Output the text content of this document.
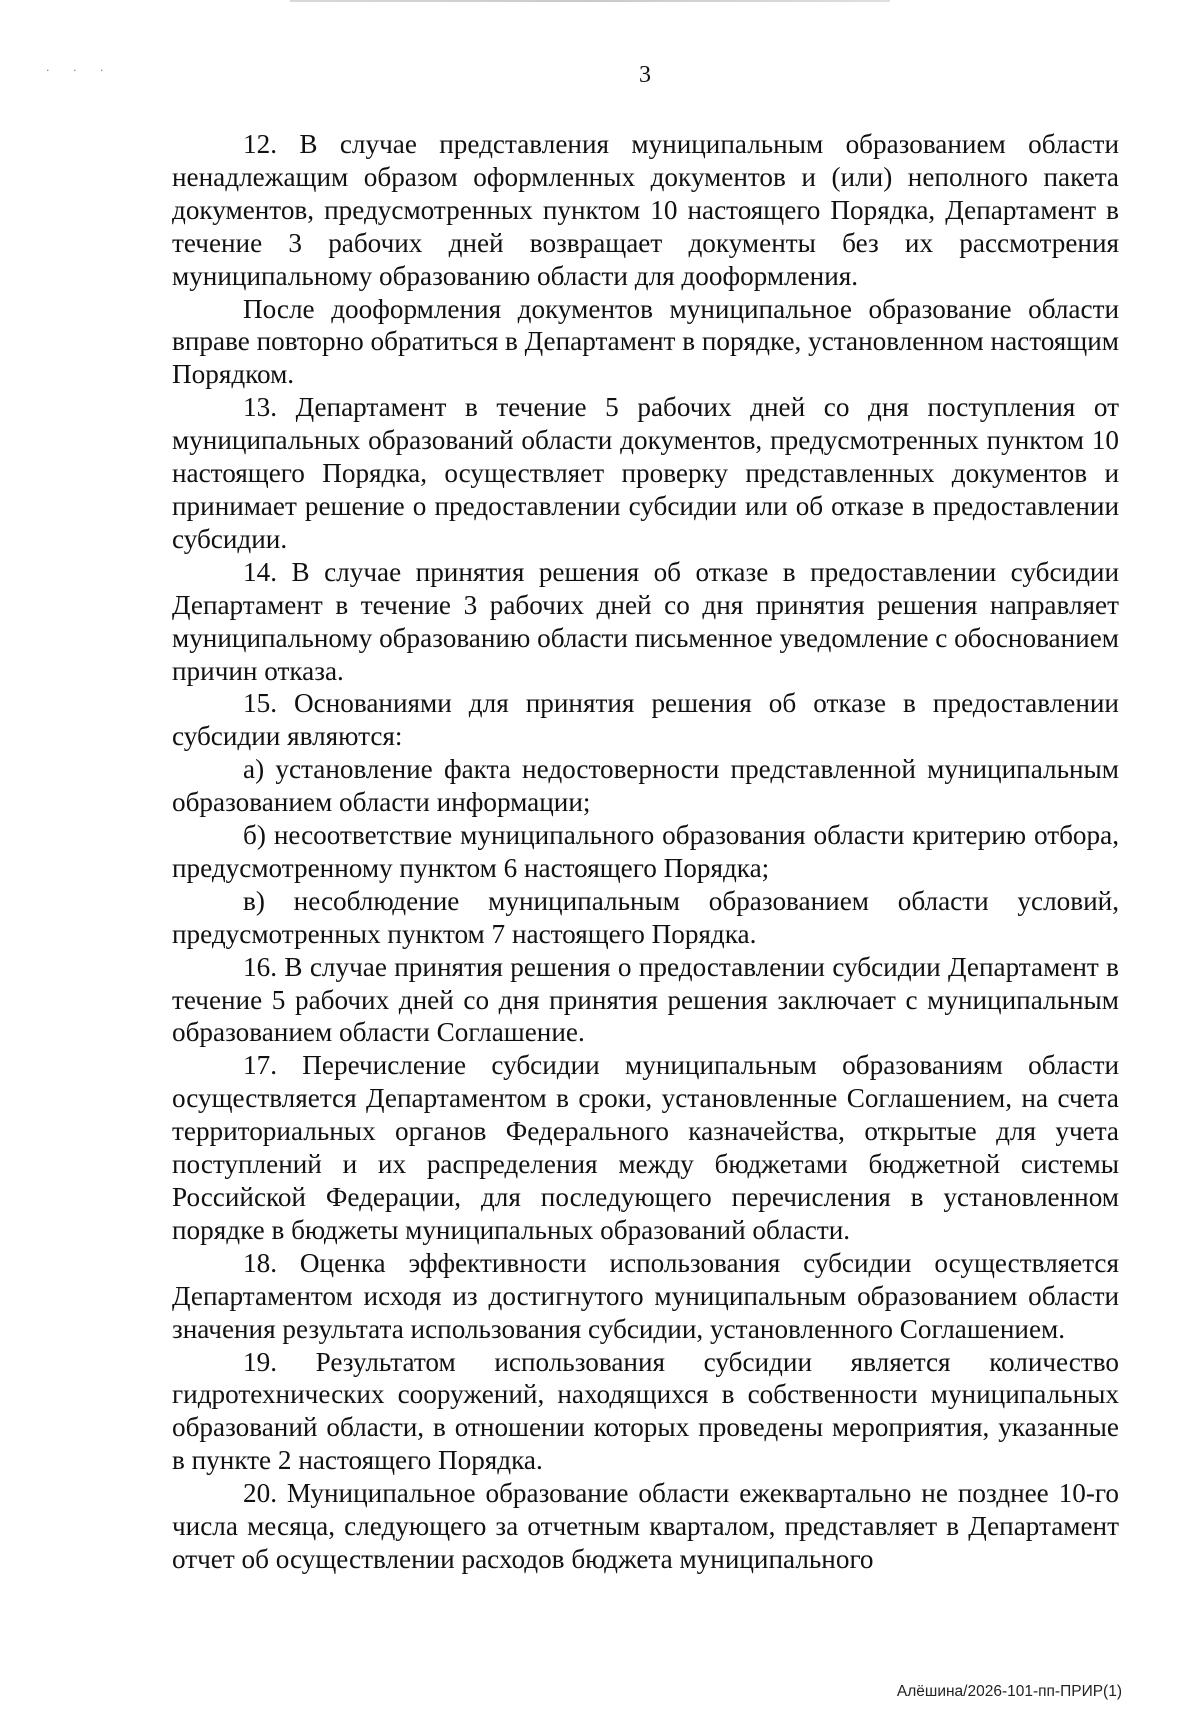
· · ·	3

12. В случае представления муниципальным образованием области ненадлежащим образом оформленных документов и (или) неполного пакета документов, предусмотренных пунктом 10 настоящего Порядка, Департамент в течение 3 рабочих дней возвращает документы без их рассмотрения муниципальному образованию области для дооформления.

После дооформления документов муниципальное образование области вправе повторно обратиться в Департамент в порядке, установленном настоящим Порядком.

13. Департамент в течение 5 рабочих дней со дня поступления от муниципальных образований области документов, предусмотренных пунктом 10 настоящего Порядка, осуществляет проверку представленных документов и принимает решение о предоставлении субсидии или об отказе в предоставлении субсидии.

14. В случае принятия решения об отказе в предоставлении субсидии Департамент в течение 3 рабочих дней со дня принятия решения направляет муниципальному образованию области письменное уведомление с обоснованием причин отказа.

15. Основаниями для принятия решения об отказе в предоставлении субсидии являются:

а) установление факта недостоверности представленной муниципальным образованием области информации;

б) несоответствие муниципального образования области критерию отбора, предусмотренному пунктом 6 настоящего Порядка;

в) несоблюдение муниципальным образованием области условий, предусмотренных пунктом 7 настоящего Порядка.

16. В случае принятия решения о предоставлении субсидии Департамент в течение 5 рабочих дней со дня принятия решения заключает с муниципальным образованием области Соглашение.

17. Перечисление субсидии муниципальным образованиям области осуществляется Департаментом в сроки, установленные Соглашением, на счета территориальных органов Федерального казначейства, открытые для учета поступлений и их распределения между бюджетами бюджетной системы Российской Федерации, для последующего перечисления в установленном порядке в бюджеты муниципальных образований области.

18. Оценка эффективности использования субсидии осуществляется Департаментом исходя из достигнутого муниципальным образованием области значения результата использования субсидии, установленного Соглашением.

19. Результатом использования субсидии является количество гидротехнических сооружений, находящихся в собственности муниципальных образований области, в отношении которых проведены мероприятия, указанные в пункте 2 настоящего Порядка.

20. Муниципальное образование области ежеквартально не позднее 10-го числа месяца, следующего за отчетным кварталом, представляет в Департамент отчет об осуществлении расходов бюджета муниципального

Алёшина/2026-101-пп-ПРИР(1)
